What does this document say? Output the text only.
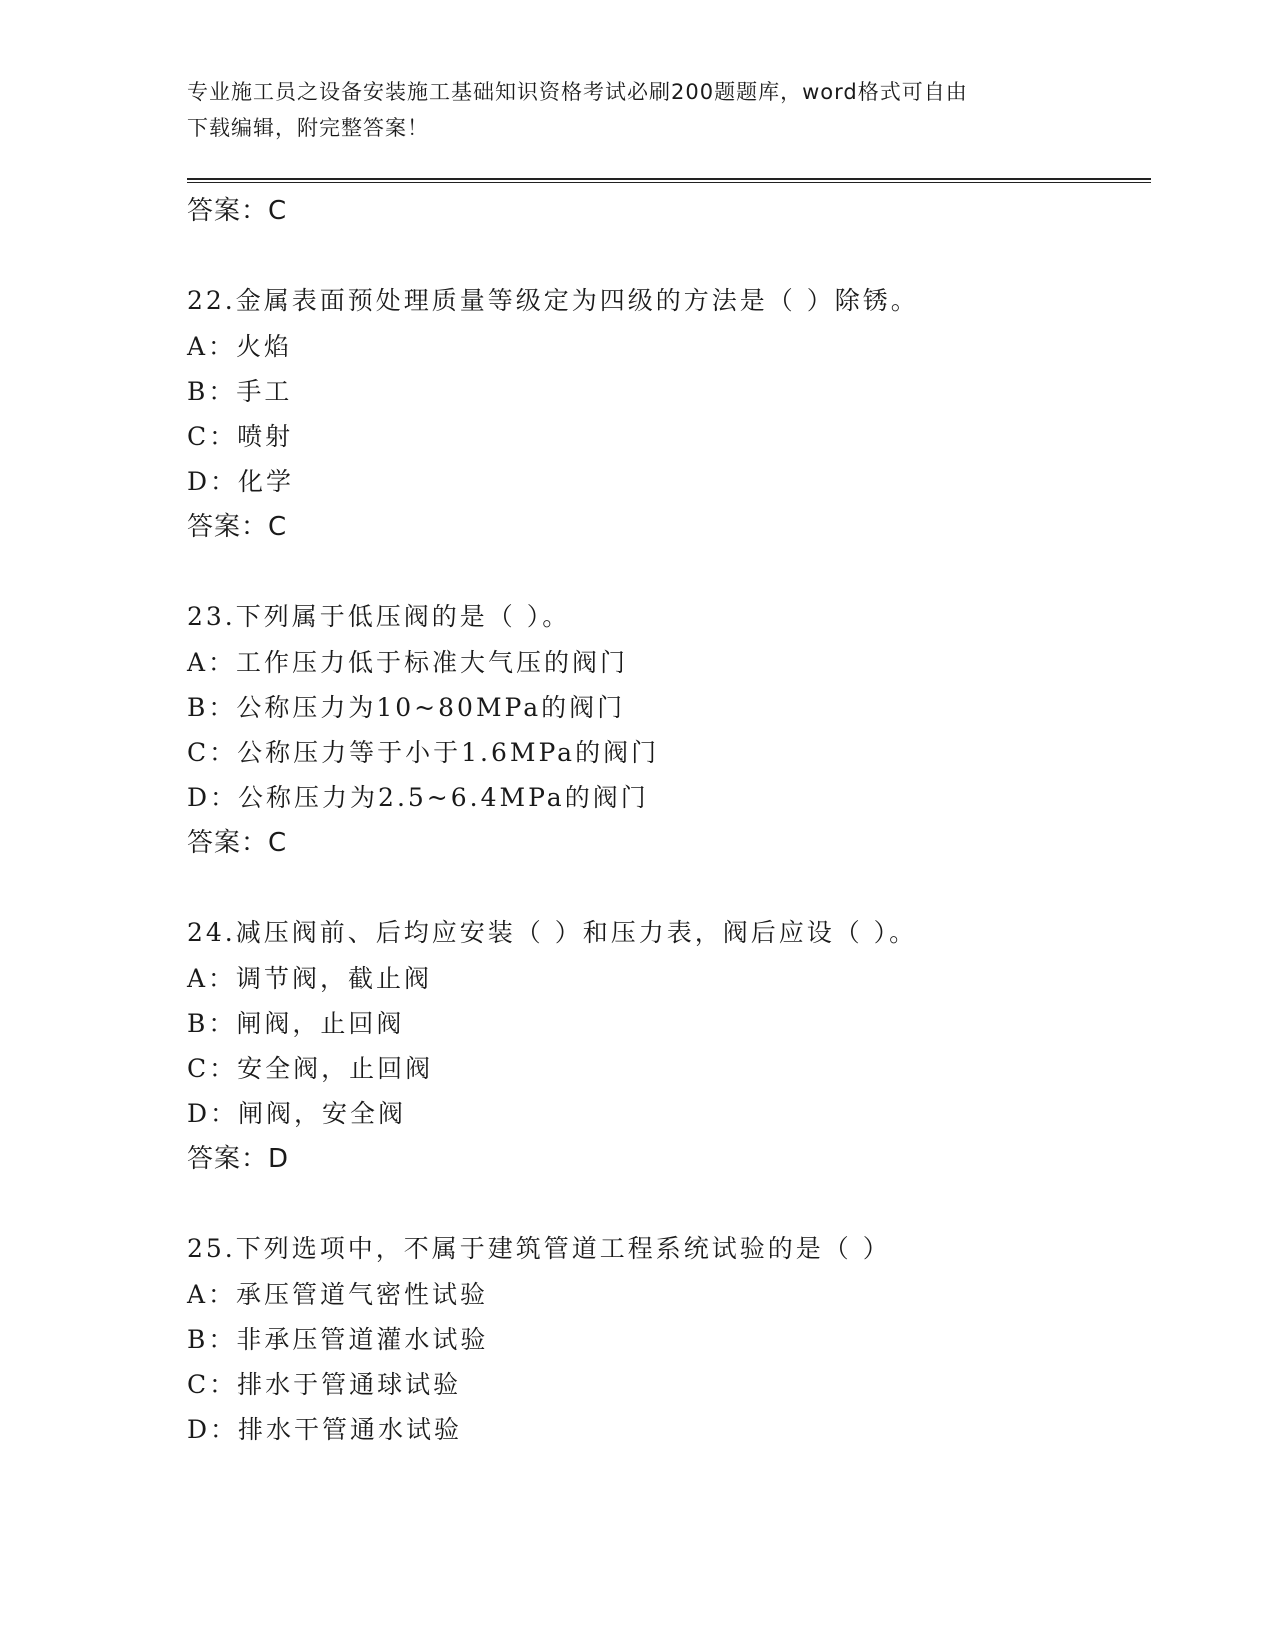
专业施工员之设备安装施工基础知识资格考试必刷200题题库，word格式可自由
下载编辑，附完整答案！
答案：C
22.金属表面预处理质量等级定为四级的方法是（ ）除锈。
A：火焰
B：手工
C：喷射
D：化学
答案：C
23.下列属于低压阀的是（ ）。
A：工作压力低于标准大气压的阀门
B：公称压力为10~80MPa的阀门
C：公称压力等于小于1.6MPa的阀门
D：公称压力为2.5~6.4MPa的阀门
答案：C
24.减压阀前、后均应安装（ ）和压力表，阀后应设（ ）。
A：调节阀，截止阀
B：闸阀，止回阀
C：安全阀，止回阀
D：闸阀，安全阀
答案：D
25.下列选项中，不属于建筑管道工程系统试验的是（ ）
A：承压管道气密性试验
B：非承压管道灌水试验
C：排水于管通球试验
D：排水干管通水试验
